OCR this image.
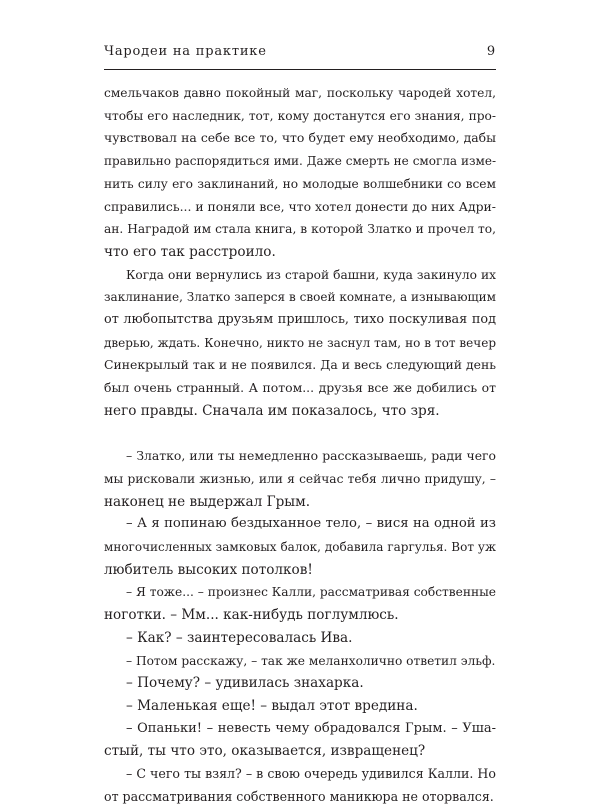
Чародеи на практике	9
смельчаков давно покойный маг, поскольку чародей хотел,
чтобы его наследник, тот, кому достанутся его знания, про-
чувствовал на себе все то, что будет ему необходимо, дабы
правильно распорядиться ими. Даже смерть не смогла изме-
нить силу его заклинаний, но молодые волшебники со всем
справились... и поняли все, что хотел донести до них Адри-
ан. Наградой им стала книга, в которой Златко и прочел то,
что его так расстроило.
Когда они вернулись из старой башни, куда закинуло их
заклинание, Златко заперся в своей комнате, а изнывающим
от любопытства друзьям пришлось, тихо поскуливая под
дверью, ждать. Конечно, никто не заснул там, но в тот вечер
Синекрылый так и не появился. Да и весь следующий день
был очень странный. А потом... друзья все же добились от
него правды. Сначала им показалось, что зря.
– Златко, или ты немедленно рассказываешь, ради чего
мы рисковали жизнью, или я сейчас тебя лично придушу, –
наконец не выдержал Грым.
– А я попинаю бездыханное тело, – вися на одной из
многочисленных замковых балок, добавила гаргулья. Вот уж
любитель высоких потолков!
– Я тоже... – произнес Калли, рассматривая собственные
ноготки. – Мм... как-нибудь поглумлюсь.
– Как? – заинтересовалась Ива.
– Потом расскажу, – так же меланхолично ответил эльф.
– Почему? – удивилась знахарка.
– Маленькая еще! – выдал этот вредина.
– Опаньки! – невесть чему обрадовался Грым. – Уша-
стый, ты что это, оказывается, извращенец?
– С чего ты взял? – в свою очередь удивился Калли. Но
от рассматривания собственного маникюра не оторвался.
